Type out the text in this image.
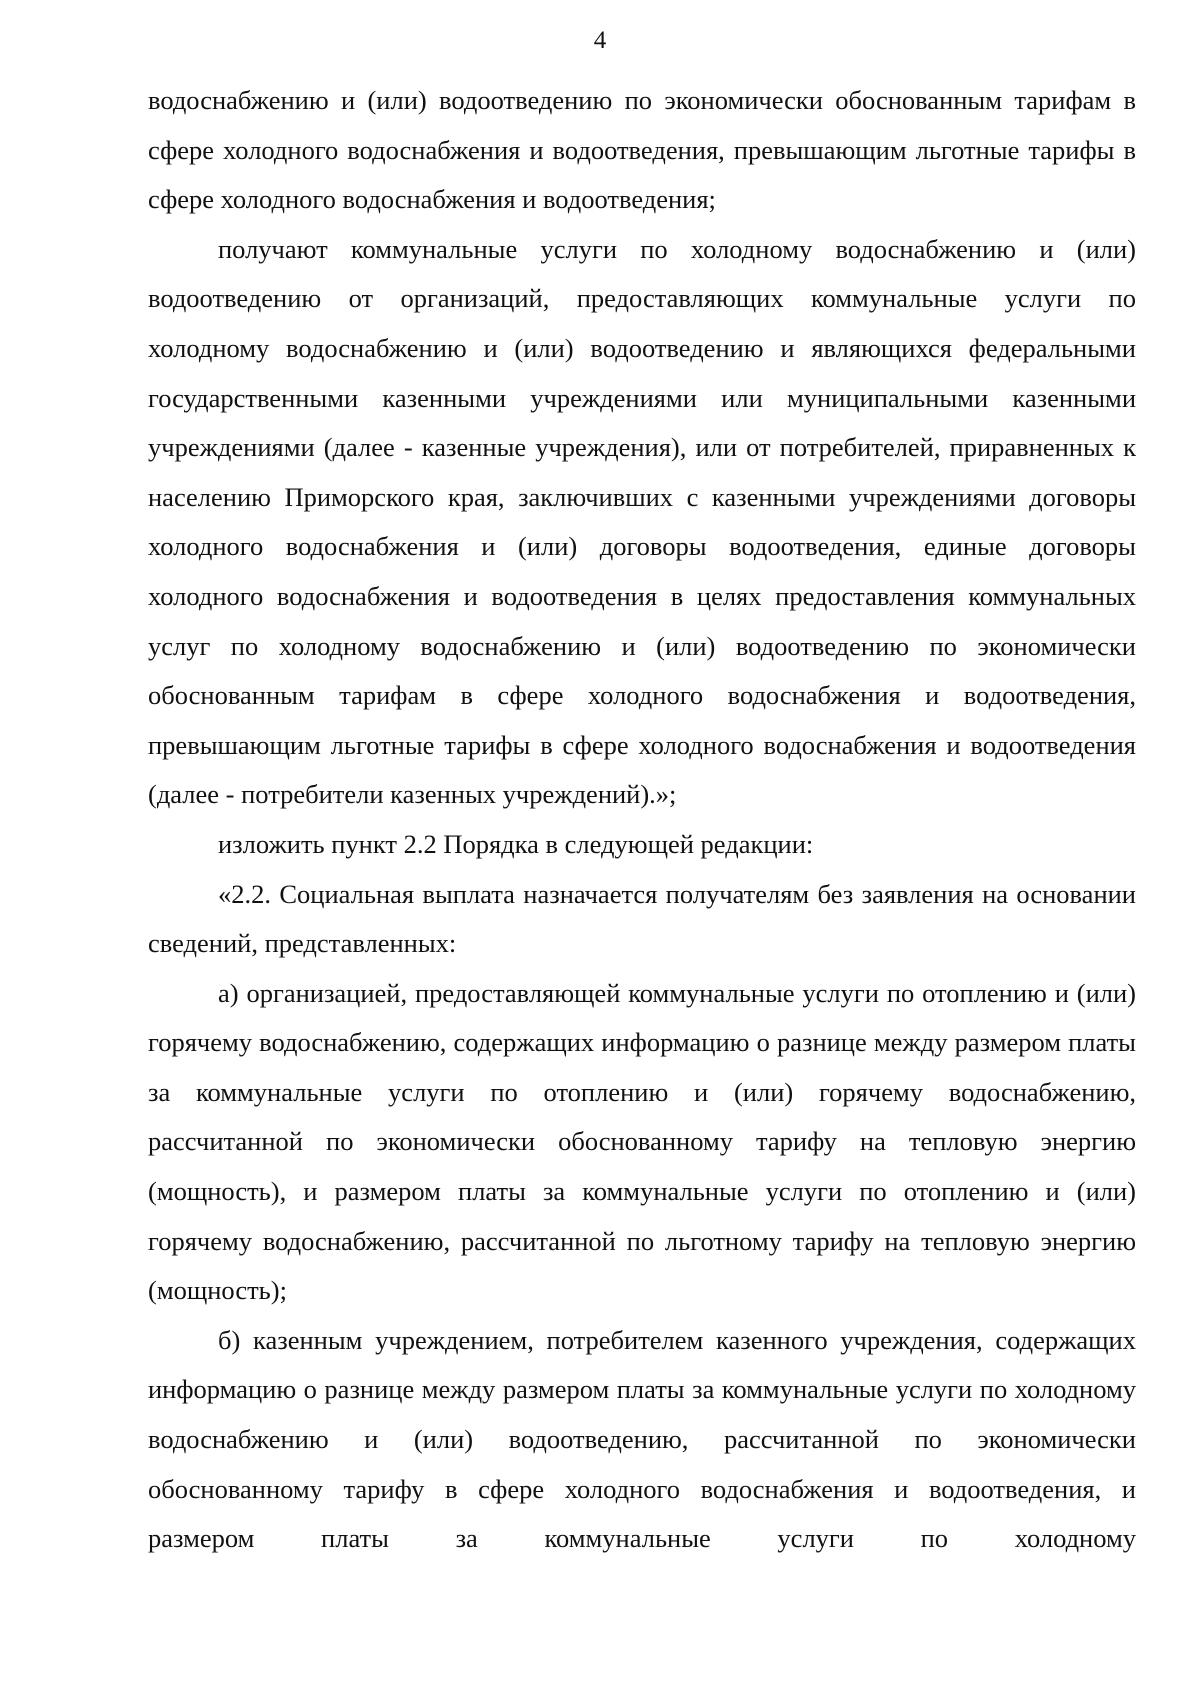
4

водоснабжению и (или) водоотведению по экономически обоснованным тарифам в сфере холодного водоснабжения и водоотведения, превышающим льготные тарифы в сфере холодного водоснабжения и водоотведения;

получают коммунальные услуги по холодному водоснабжению и (или) водоотведению от организаций, предоставляющих коммунальные услуги по холодному водоснабжению и (или) водоотведению и являющихся федеральными государственными казенными учреждениями или муниципальными казенными учреждениями (далее - казенные учреждения), или от потребителей, приравненных к населению Приморского края, заключивших с казенными учреждениями договоры холодного водоснабжения и (или) договоры водоотведения, единые договоры холодного водоснабжения и водоотведения в целях предоставления коммунальных услуг по холодному водоснабжению и (или) водоотведению по экономически обоснованным тарифам в сфере холодного водоснабжения и водоотведения, превышающим льготные тарифы в сфере холодного водоснабжения и водоотведения (далее - потребители казенных учреждений).»;

изложить пункт 2.2 Порядка в следующей редакции:

«2.2. Социальная выплата назначается получателям без заявления на основании сведений, представленных:

а) организацией, предоставляющей коммунальные услуги по отоплению и (или) горячему водоснабжению, содержащих информацию о разнице между размером платы за коммунальные услуги по отоплению и (или) горячему водоснабжению, рассчитанной по экономически обоснованному тарифу на тепловую энергию (мощность), и размером платы за коммунальные услуги по отоплению и (или) горячему водоснабжению, рассчитанной по льготному тарифу на тепловую энергию (мощность);

б) казенным учреждением, потребителем казенного учреждения, содержащих информацию о разнице между размером платы за коммунальные услуги по холодному водоснабжению и (или) водоотведению, рассчитанной по экономически обоснованному тарифу в сфере холодного водоснабжения и водоотведения, и размером платы за коммунальные услуги по холодному
